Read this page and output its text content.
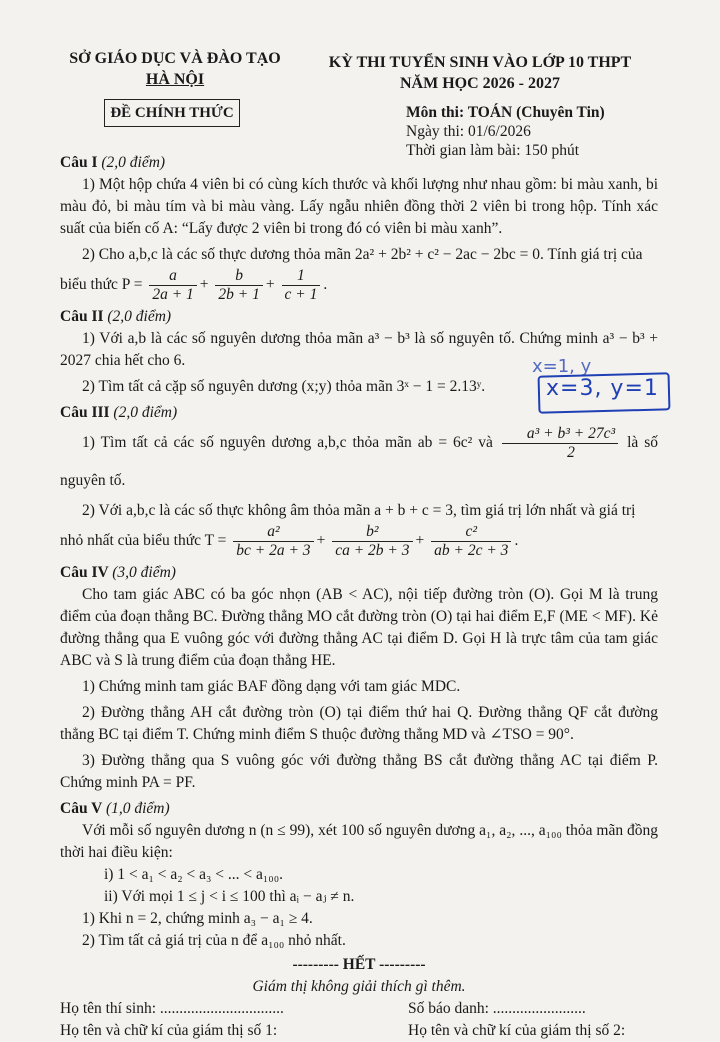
SỞ GIÁO DỤC VÀ ĐÀO TẠO
HÀ NỘI
KỲ THI TUYỂN SINH VÀO LỚP 10 THPT
NĂM HỌC 2026 - 2027
ĐỀ CHÍNH THỨC	Môn thi: TOÁN (Chuyên Tin)
Ngày thi: 01/6/2026
Thời gian làm bài: 150 phút
Câu I (2,0 điểm)

1) Một hộp chứa 4 viên bi có cùng kích thước và khối lượng như nhau gồm: bi màu xanh, bi màu đỏ, bi màu tím và bi màu vàng. Lấy ngẫu nhiên đồng thời 2 viên bi trong hộp. Tính xác suất của biến cố A: “Lấy được 2 viên bi trong đó có viên bi màu xanh”.

2) Cho a,b,c là các số thực dương thỏa mãn 2a² + 2b² + c² − 2ac − 2bc = 0. Tính giá trị của

biểu thức $P = \frac{a}{2a + 1} + \frac{b}{2b + 1} + \frac{1}{c + 1}$ .

Câu II (2,0 điểm)

1) Với a,b là các số nguyên dương thỏa mãn a³ − b³ là số nguyên tố. Chứng minh a³ − b³ + 2027 chia hết cho 6.

2) Tìm tất cả cặp số nguyên dương (x;y) thỏa mãn 3ˣ − 1 = 2.13ʸ.

Câu III (2,0 điểm)

1) Tìm tất cả các số nguyên dương a,b,c thỏa mãn ab = 6c² và $\frac{\text{a³ + b³ + 27c³}}{2}$ là số nguyên tố.

2) Với a,b,c là các số thực không âm thỏa mãn a + b + c = 3, tìm giá trị lớn nhất và giá trị

nhỏ nhất của biểu thức $T = \frac{\text{a²}}{bc + 2a + 3} + \frac{\text{b²}}{ca + 2b + 3} + \frac{\text{c²}}{ab + 2c + 3}$ .

Câu IV (3,0 điểm)

Cho tam giác ABC có ba góc nhọn (AB < AC), nội tiếp đường tròn (O). Gọi M là trung điểm của đoạn thẳng BC. Đường thẳng MO cắt đường tròn (O) tại hai điểm E,F (ME < MF). Kẻ đường thẳng qua E vuông góc với đường thẳng AC tại điểm D. Gọi H là trực tâm của tam giác ABC và S là trung điểm của đoạn thẳng HE.

1) Chứng minh tam giác BAF đồng dạng với tam giác MDC.

2) Đường thẳng AH cắt đường tròn (O) tại điểm thứ hai Q. Đường thẳng QF cắt đường thẳng BC tại điểm T. Chứng minh điểm S thuộc đường thẳng MD và ∠TSO = 90°.

3) Đường thẳng qua S vuông góc với đường thẳng BS cắt đường thẳng AC tại điểm P. Chứng minh PA = PF.

Câu V (1,0 điểm)

Với mỗi số nguyên dương n (n ≤ 99), xét 100 số nguyên dương a₁, a₂, ..., a₁₀₀ thỏa mãn đồng thời hai điều kiện:

i) 1 < a₁ < a₂ < a₃ < ... < a₁₀₀.

ii) Với mọi 1 ≤ j < i ≤ 100 thì aᵢ − aⱼ ≠ n.

1) Khi n = 2, chứng minh a₃ − a₁ ≥ 4.

2) Tìm tất cả giá trị của n để a₁₀₀ nhỏ nhất.

--------- HẾT ---------
Giám thị không giải thích gì thêm.
Họ tên thí sinh: ................................	Số báo danh: ........................
Họ tên và chữ kí của giám thị số 1:	Họ tên và chữ kí của giám thị số 2:
x=1, y
x=3, y=1
